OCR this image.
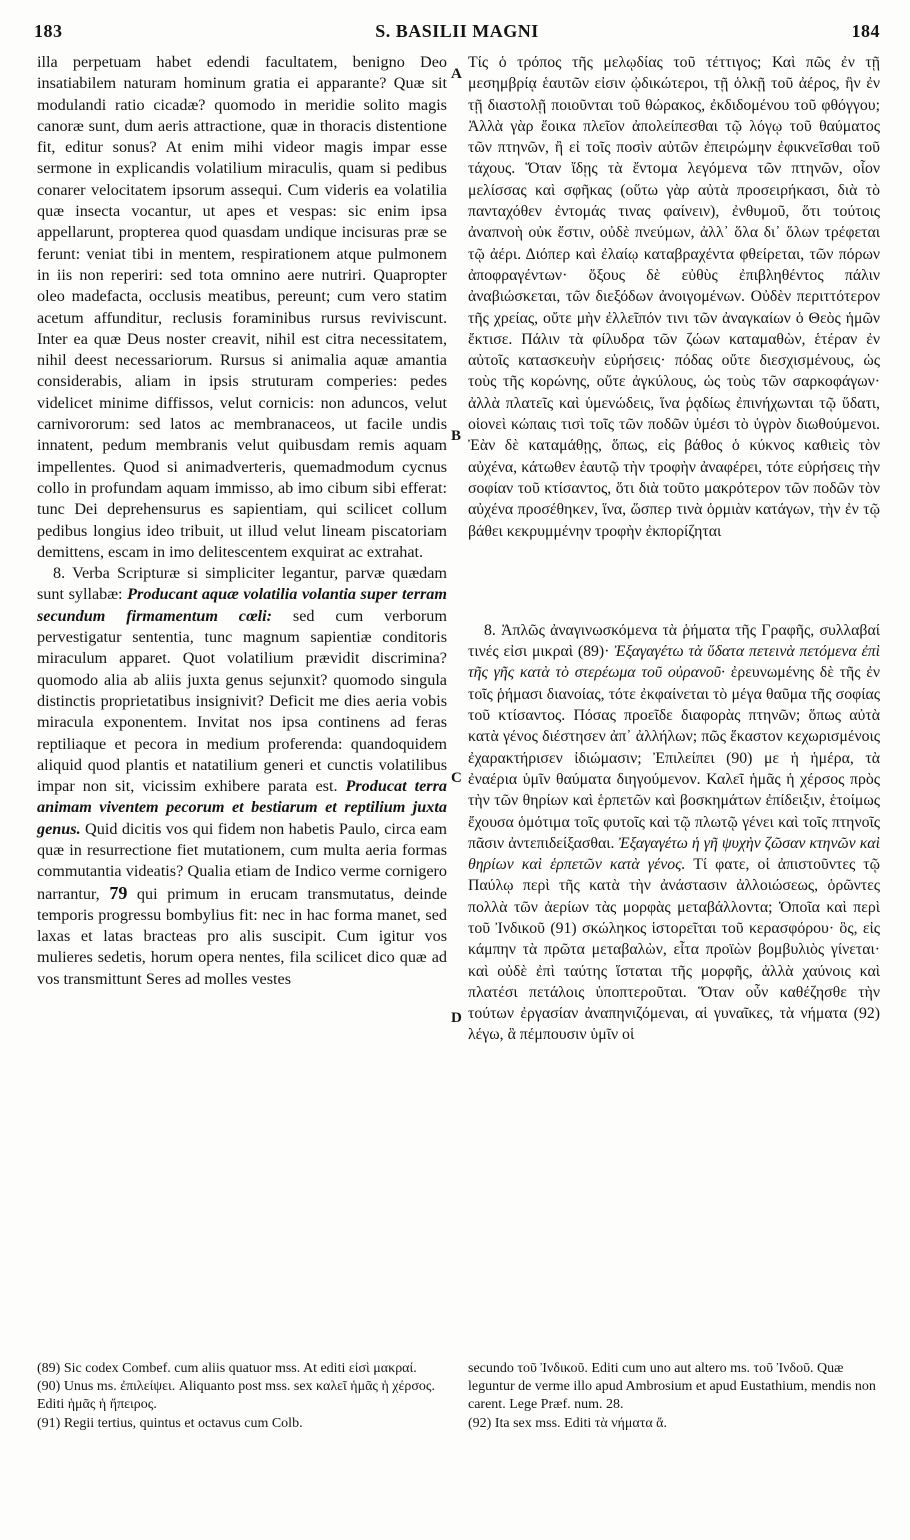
183	S. BASILII MAGNI	184
A
B
C
D

illa perpetuam habet edendi facultatem, benigno Deo insatiabilem naturam hominum gratia ei apparante? Quæ sit modulandi ratio cicadæ? quomodo in meridie solito magis canoræ sunt, dum aeris attractione, quæ in thoracis distentione fit, editur sonus? At enim mihi videor magis impar esse sermone in explicandis volatilium miraculis, quam si pedibus conarer velocitatem ipsorum assequi. Cum videris ea volatilia quæ insecta vocantur, ut apes et vespas: sic enim ipsa appellarunt, propterea quod quasdam undique incisuras præ se ferunt: veniat tibi in mentem, respirationem atque pulmonem in iis non reperiri: sed tota omnino aere nutriri. Quapropter oleo madefacta, occlusis meatibus, pereunt; cum vero statim acetum affunditur, reclusis foraminibus rursus reviviscunt. Inter ea quæ Deus noster creavit, nihil est citra necessitatem, nihil deest necessariorum. Rursus si animalia aquæ amantia considerabis, aliam in ipsis struturam comperies: pedes videlicet minime diffissos, velut cornicis: non aduncos, velut carnivororum: sed latos ac membranaceos, ut facile undis innatent, pedum membranis velut quibusdam remis aquam impellentes. Quod si animadverteris, quemadmodum cycnus collo in profundam aquam immisso, ab imo cibum sibi efferat: tunc Dei deprehensurus es sapientiam, qui scilicet collum pedibus longius ideo tribuit, ut illud velut lineam piscatoriam demittens, escam in imo delitescentem exquirat ac extrahat.

8. Verba Scripturæ si simpliciter legantur, parvæ quædam sunt syllabæ: Producant aquæ volatilia volantia super terram secundum firmamentum cœli: sed cum verborum pervestigatur sententia, tunc magnum sapientiæ conditoris miraculum apparet. Quot volatilium prævidit discrimina? quomodo alia ab aliis juxta genus sejunxit? quomodo singula distinctis proprietatibus insignivit? Deficit me dies aeria vobis miracula exponentem. Invitat nos ipsa continens ad feras reptiliaque et pecora in medium proferenda: quandoquidem aliquid quod plantis et natatilium generi et cunctis volatilibus impar non sit, vicissim exhibere parata est. Producat terra animam viventem pecorum et bestiarum et reptilium juxta genus. Quid dicitis vos qui fidem non habetis Paulo, circa eam quæ in resurrectione fiet mutationem, cum multa aeria formas commutantia videatis? Qualia etiam de Indico verme cornigero narrantur, 79 qui primum in erucam transmutatus, deinde temporis progressu bombylius fit: nec in hac forma manet, sed laxas et latas bracteas pro alis suscipit. Cum igitur vos mulieres sedetis, horum opera nentes, fila scilicet dico quæ ad vos transmittunt Seres ad molles vestes

Τίς ὁ τρόπος τῆς μελῳδίας τοῦ τέττιγος; Καὶ πῶς ἐν τῇ μεσημβρίᾳ ἑαυτῶν εἰσιν ᾠδικώτεροι, τῇ ὁλκῇ τοῦ ἀέρος, ἣν ἐν τῇ διαστολῇ ποιοῦνται τοῦ θώρακος, ἐκδιδομένου τοῦ φθόγγου; Ἀλλὰ γὰρ ἔοικα πλεῖον ἀπολείπεσθαι τῷ λόγῳ τοῦ θαύματος τῶν πτηνῶν, ἢ εἰ τοῖς ποσὶν αὐτῶν ἐπειρώμην ἐφικνεῖσθαι τοῦ τάχους. Ὅταν ἴδῃς τὰ ἔντομα λεγόμενα τῶν πτηνῶν, οἷον μελίσσας καὶ σφῆκας (οὕτω γὰρ αὐτὰ προσειρήκασι, διὰ τὸ πανταχόθεν ἐντομάς τινας φαίνειν), ἐνθυμοῦ, ὅτι τούτοις ἀναπνοὴ οὐκ ἔστιν, οὐδὲ πνεύμων, ἀλλ᾿ ὅλα δι᾿ ὅλων τρέφεται τῷ ἀέρι. Διόπερ καὶ ἐλαίῳ καταβραχέντα φθείρεται, τῶν πόρων ἀποφραγέντων· ὄξους δὲ εὐθὺς ἐπιβληθέντος πάλιν ἀναβιώσκεται, τῶν διεξόδων ἀνοιγομένων. Οὐδὲν περιττότερον τῆς χρείας, οὔτε μὴν ἐλλεῖπόν τινι τῶν ἀναγκαίων ὁ Θεὸς ἡμῶν ἔκτισε. Πάλιν τὰ φίλυδρα τῶν ζώων καταμαθὼν, ἑτέραν ἐν αὐτοῖς κατασκευὴν εὑρήσεις· πόδας οὔτε διεσχισμένους, ὡς τοὺς τῆς κορώνης, οὔτε ἀγκύλους, ὡς τοὺς τῶν σαρκοφάγων· ἀλλὰ πλατεῖς καὶ ὑμενώδεις, ἵνα ῥᾳδίως ἐπινήχωνται τῷ ὕδατι, οἱονεὶ κώπαις τισὶ τοῖς τῶν ποδῶν ὑμέσι τὸ ὑγρὸν διωθούμενοι. Ἐὰν δὲ καταμάθῃς, ὅπως, εἰς βάθος ὁ κύκνος καθιεὶς τὸν αὐχένα, κάτωθεν ἑαυτῷ τὴν τροφὴν ἀναφέρει, τότε εὑρήσεις τὴν σοφίαν τοῦ κτίσαντος, ὅτι διὰ τοῦτο μακρότερον τῶν ποδῶν τὸν αὐχένα προσέθηκεν, ἵνα, ὥσπερ τινὰ ὁρμιὰν κατάγων, τὴν ἐν τῷ βάθει κεκρυμμένην τροφὴν ἐκπορίζηται

8. Ἁπλῶς ἀναγινωσκόμενα τὰ ῥήματα τῆς Γραφῆς, συλλαβαί τινές εἰσι μικραὶ (89)· Ἐξαγαγέτω τὰ ὕδατα πετεινὰ πετόμενα ἐπὶ τῆς γῆς κατὰ τὸ στερέωμα τοῦ οὐρανοῦ· ἐρευνωμένης δὲ τῆς ἐν τοῖς ῥήμασι διανοίας, τότε ἐκφαίνεται τὸ μέγα θαῦμα τῆς σοφίας τοῦ κτίσαντος. Πόσας προεῖδε διαφορὰς πτηνῶν; ὅπως αὐτὰ κατὰ γένος διέστησεν ἀπ᾿ ἀλλήλων; πῶς ἕκαστον κεχωρισμένοις ἐχαρακτήρισεν ἰδιώμασιν; Ἐπιλείπει (90) με ἡ ἡμέρα, τὰ ἐναέρια ὑμῖν θαύματα διηγούμενον. Καλεῖ ἡμᾶς ἡ χέρσος πρὸς τὴν τῶν θηρίων καὶ ἑρπετῶν καὶ βοσκημάτων ἐπίδειξιν, ἑτοίμως ἔχουσα ὁμότιμα τοῖς φυτοῖς καὶ τῷ πλωτῷ γένει καὶ τοῖς πτηνοῖς πᾶσιν ἀντεπιδείξασθαι. Ἐξαγαγέτω ἡ γῆ ψυχὴν ζῶσαν κτηνῶν καὶ θηρίων καὶ ἑρπετῶν κατὰ γένος. Τί φατε, οἱ ἀπιστοῦντες τῷ Παύλῳ περὶ τῆς κατὰ τὴν ἀνάστασιν ἀλλοιώσεως, ὁρῶντες πολλὰ τῶν ἀερίων τὰς μορφὰς μεταβάλλοντα; Ὁποῖα καὶ περὶ τοῦ Ἰνδικοῦ (91) σκώληκος ἱστορεῖται τοῦ κερασφόρου· ὃς, εἰς κάμπην τὰ πρῶτα μεταβαλὼν, εἶτα προϊὼν βομβυλιὸς γίνεται· καὶ οὐδὲ ἐπὶ ταύτης ἵσταται τῆς μορφῆς, ἀλλὰ χαύνοις καὶ πλατέσι πετάλοις ὑποπτεροῦται. Ὅταν οὖν καθέζησθε τὴν τούτων ἐργασίαν ἀναπηνιζόμεναι, αἱ γυναῖκες, τὰ νήματα (92) λέγω, ἃ πέμπουσιν ὑμῖν οἱ

(89) Sic codex Combef. cum aliis quatuor mss. At editi εἰσὶ μακραί.

(90) Unus ms. ἐπιλείψει. Aliquanto post mss. sex καλεῖ ἡμᾶς ἡ χέρσος. Editi ἡμᾶς ἡ ἤπειρος.

(91) Regii tertius, quintus et octavus cum Colb.

secundo τοῦ Ἰνδικοῦ. Editi cum uno aut altero ms. τοῦ Ἰνδοῦ. Quæ leguntur de verme illo apud Ambrosium et apud Eustathium, mendis non carent. Lege Præf. num. 28.

(92) Ita sex mss. Editi τὰ νήματα ἅ.
